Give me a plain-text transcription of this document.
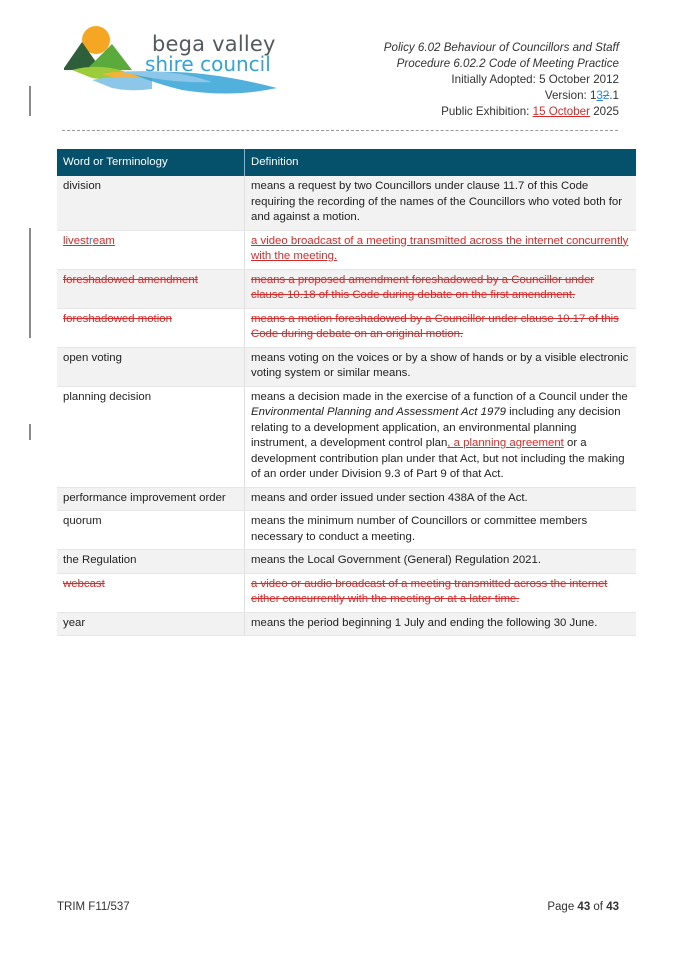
bega valley
shire council
Policy 6.02 Behaviour of Councillors and Staff
Procedure 6.02.2 Code of Meeting Practice
Initially Adopted: 5 October 2012
Version: 132.1
Public Exhibition: 15 October 2025
Word or Terminology	Definition
division	means a request by two Councillors under clause 11.7 of this Code requiring the recording of the names of the Councillors who voted both for and against a motion.
livestream	a video broadcast of a meeting transmitted across the internet concurrently with the meeting.
foreshadowed amendment	means a proposed amendment foreshadowed by a Councillor under clause 10.18 of this Code during debate on the first amendment.
foreshadowed motion	means a motion foreshadowed by a Councillor under clause 10.17 of this Code during debate on an original motion.
open voting	means voting on the voices or by a show of hands or by a visible electronic voting system or similar means.
planning decision	means a decision made in the exercise of a function of a Council under the Environmental Planning and Assessment Act 1979 including any decision relating to a development application, an environmental planning instrument, a development control plan, a planning agreement or a development contribution plan under that Act, but not including the making of an order under Division 9.3 of Part 9 of that Act.
performance improvement order	means and order issued under section 438A of the Act.
quorum	means the minimum number of Councillors or committee members necessary to conduct a meeting.
the Regulation	means the Local Government (General) Regulation 2021.
webcast	a video or audio broadcast of a meeting transmitted across the internet either concurrently with the meeting or at a later time.
year	means the period beginning 1 July and ending the following 30 June.
TRIM F11/537	Page 43 of 43
